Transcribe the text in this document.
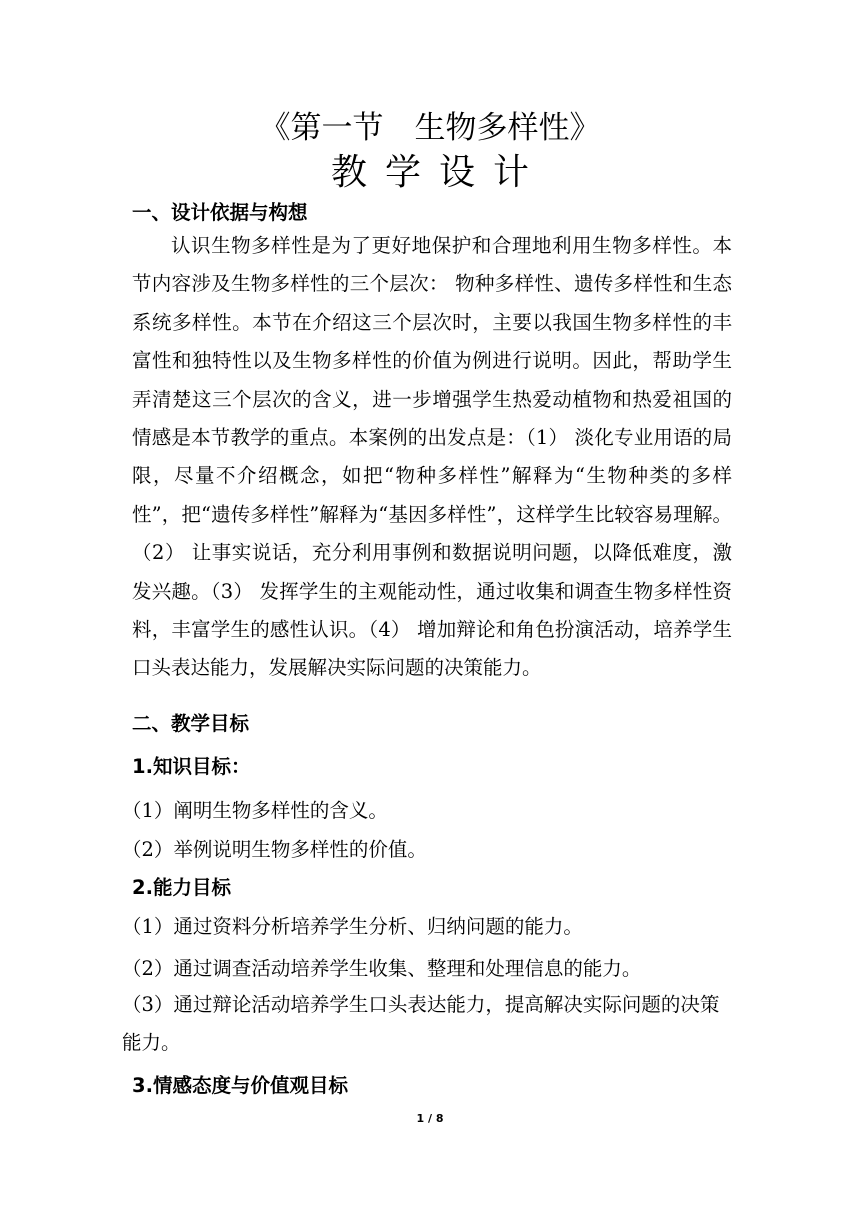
《第一节　生物多样性》
教学设计
一、设计依据与构想

认识生物多样性是为了更好地保护和合理地利用生物多样性。本节内容涉及生物多样性的三个层次： 物种多样性、遗传多样性和生态系统多样性。本节在介绍这三个层次时，主要以我国生物多样性的丰富性和独特性以及生物多样性的价值为例进行说明。因此，帮助学生弄清楚这三个层次的含义，进一步增强学生热爱动植物和热爱祖国的情感是本节教学的重点。本案例的出发点是：（1） 淡化专业用语的局限，尽量不介绍概念，如把“物种多样性”解释为“生物种类的多样性”，把“遗传多样性”解释为“基因多样性”，这样学生比较容易理解。（2） 让事实说话，充分利用事例和数据说明问题，以降低难度，激发兴趣。（3） 发挥学生的主观能动性，通过收集和调查生物多样性资料，丰富学生的感性认识。（4） 增加辩论和角色扮演活动，培养学生口头表达能力，发展解决实际问题的决策能力。

二、教学目标
1.知识目标：
（1）阐明生物多样性的含义。
（2）举例说明生物多样性的价值。
2.能力目标
（1）通过资料分析培养学生分析、归纳问题的能力。
（2）通过调查活动培养学生收集、整理和处理信息的能力。
（3）通过辩论活动培养学生口头表达能力，提高解决实际问题的决策能力。
3.情感态度与价值观目标
1 / 8
